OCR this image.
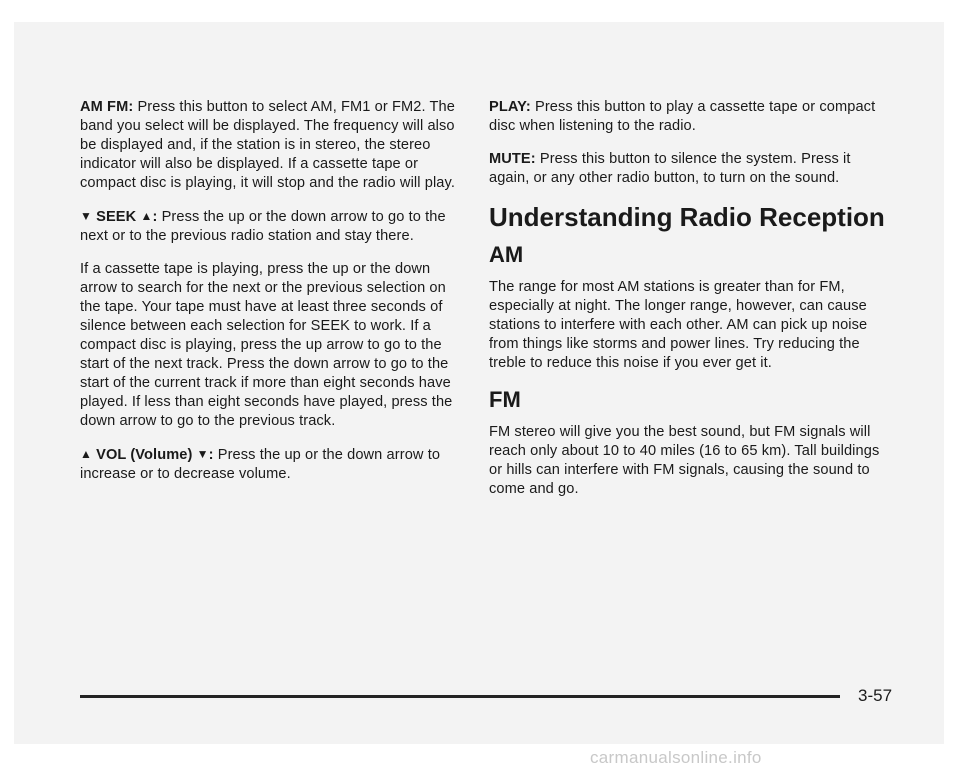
AM FM: Press this button to select AM, FM1 or FM2. The band you select will be displayed. The frequency will also be displayed and, if the station is in stereo, the stereo indicator will also be displayed. If a cassette tape or compact disc is playing, it will stop and the radio will play.

▼ SEEK ▲: Press the up or the down arrow to go to the next or to the previous radio station and stay there.

If a cassette tape is playing, press the up or the down arrow to search for the next or the previous selection on the tape. Your tape must have at least three seconds of silence between each selection for SEEK to work. If a compact disc is playing, press the up arrow to go to the start of the next track. Press the down arrow to go to the start of the current track if more than eight seconds have played. If less than eight seconds have played, press the down arrow to go to the previous track.

▲ VOL (Volume) ▼: Press the up or the down arrow to increase or to decrease volume.

PLAY: Press this button to play a cassette tape or compact disc when listening to the radio.

MUTE: Press this button to silence the system. Press it again, or any other radio button, to turn on the sound.

Understanding Radio Reception
AM

The range for most AM stations is greater than for FM, especially at night. The longer range, however, can cause stations to interfere with each other. AM can pick up noise from things like storms and power lines. Try reducing the treble to reduce this noise if you ever get it.

FM

FM stereo will give you the best sound, but FM signals will reach only about 10 to 40 miles (16 to 65 km). Tall buildings or hills can interfere with FM signals, causing the sound to come and go.

3-57
carmanualsonline.info
